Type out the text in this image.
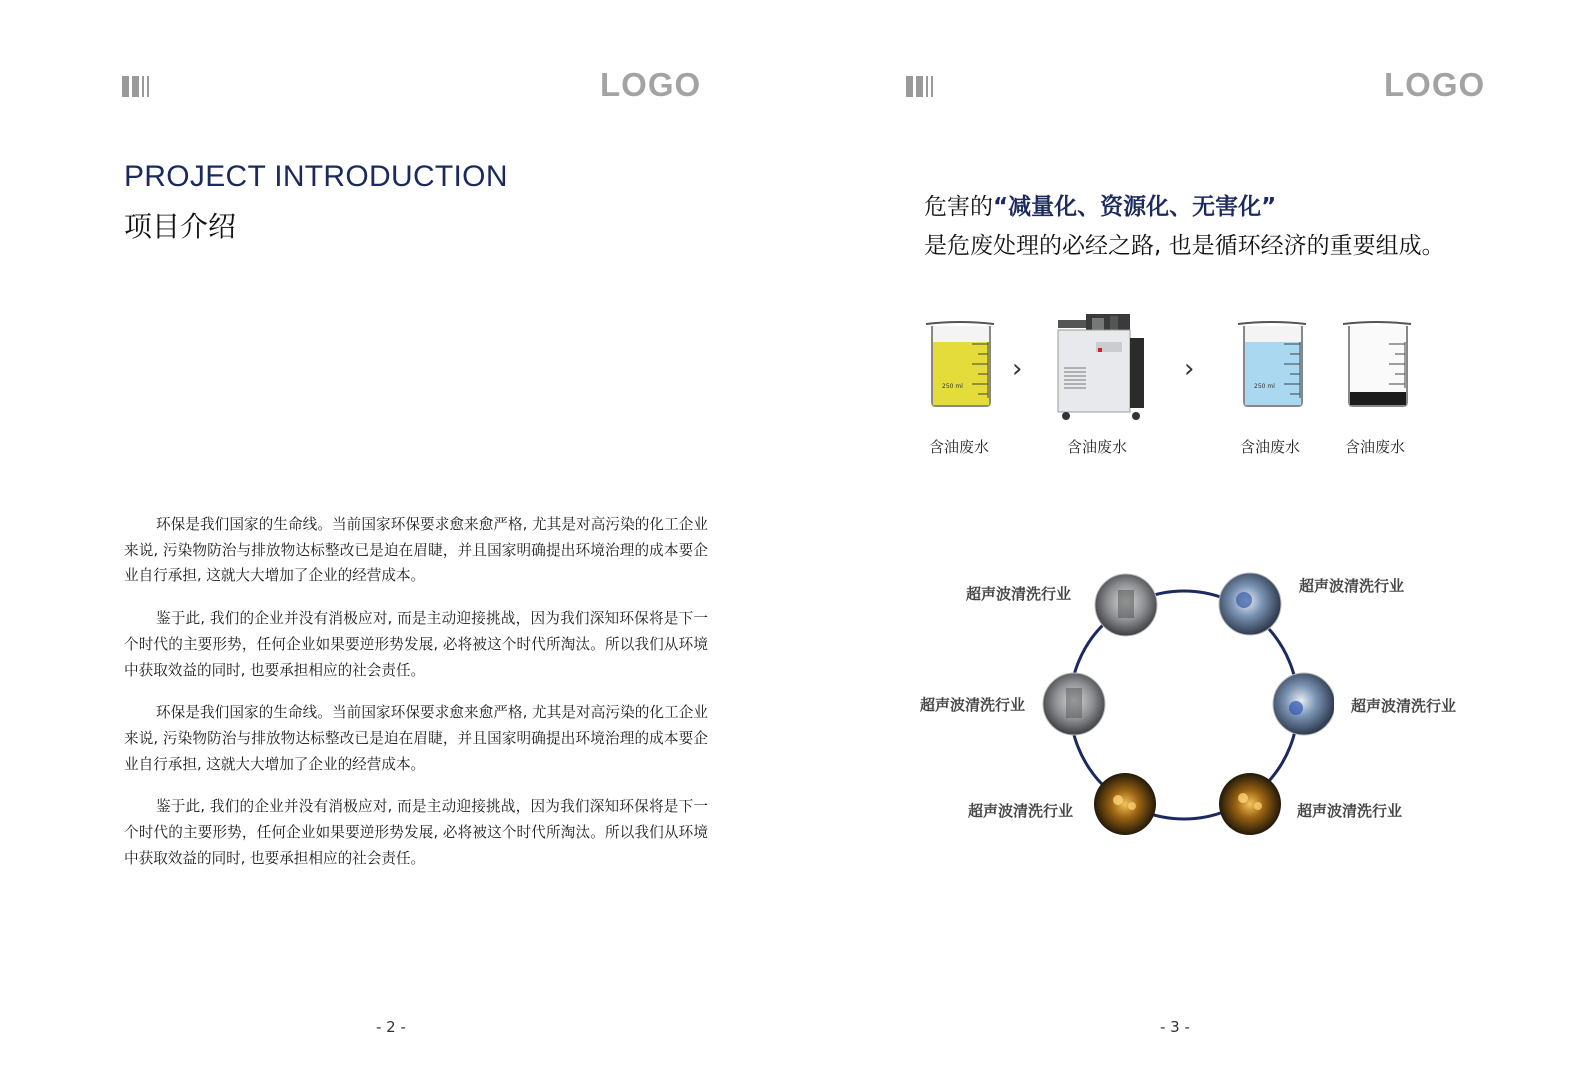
LOGO
PROJECT INTRODUCTION
项目介绍

环保是我们国家的生命线。当前国家环保要求愈来愈严格, 尤其是对高污染的化工企业来说, 污染物防治与排放物达标整改已是迫在眉睫，并且国家明确提出环境治理的成本要企业自行承担, 这就大大增加了企业的经营成本。

鉴于此, 我们的企业并没有消极应对, 而是主动迎接挑战，因为我们深知环保将是下一个时代的主要形势，任何企业如果要逆形势发展, 必将被这个时代所淘汰。所以我们从环境中获取效益的同时, 也要承担相应的社会责任。

环保是我们国家的生命线。当前国家环保要求愈来愈严格, 尤其是对高污染的化工企业来说, 污染物防治与排放物达标整改已是迫在眉睫，并且国家明确提出环境治理的成本要企业自行承担, 这就大大增加了企业的经营成本。

鉴于此, 我们的企业并没有消极应对, 而是主动迎接挑战，因为我们深知环保将是下一个时代的主要形势，任何企业如果要逆形势发展, 必将被这个时代所淘汰。所以我们从环境中获取效益的同时, 也要承担相应的社会责任。

- 2 -
LOGO
危害的“减量化、资源化、无害化”
是危废处理的必经之路, 也是循环经济的重要组成。
250 ml
含油废水
›
含油废水
›
250 ml
含油废水	含油废水
超声波清洗行业	超声波清洗行业
超声波清洗行业	超声波清洗行业
超声波清洗行业	超声波清洗行业
- 3 -
